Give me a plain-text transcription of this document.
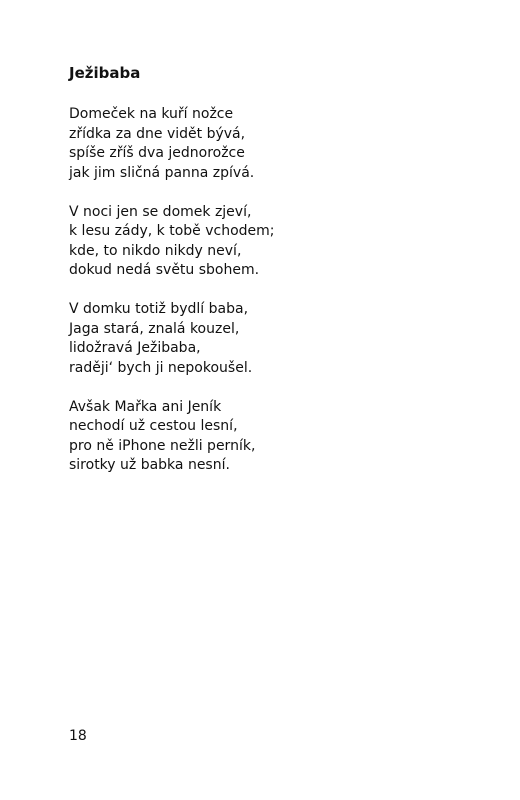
Ježibaba
Domeček na kuří nožce
zřídka za dne vidět bývá,
spíše zříš dva jednorožce
jak jim sličná panna zpívá.
V noci jen se domek zjeví,
k lesu zády, k tobě vchodem;
kde, to nikdo nikdy neví,
dokud nedá světu sbohem.
V domku totiž bydlí baba,
Jaga stará, znalá kouzel,
lidožravá Ježibaba,
raději‘ bych ji nepokoušel.
Avšak Mařka ani Jeník
nechodí už cestou lesní,
pro ně iPhone nežli perník,
sirotky už babka nesní.
18
